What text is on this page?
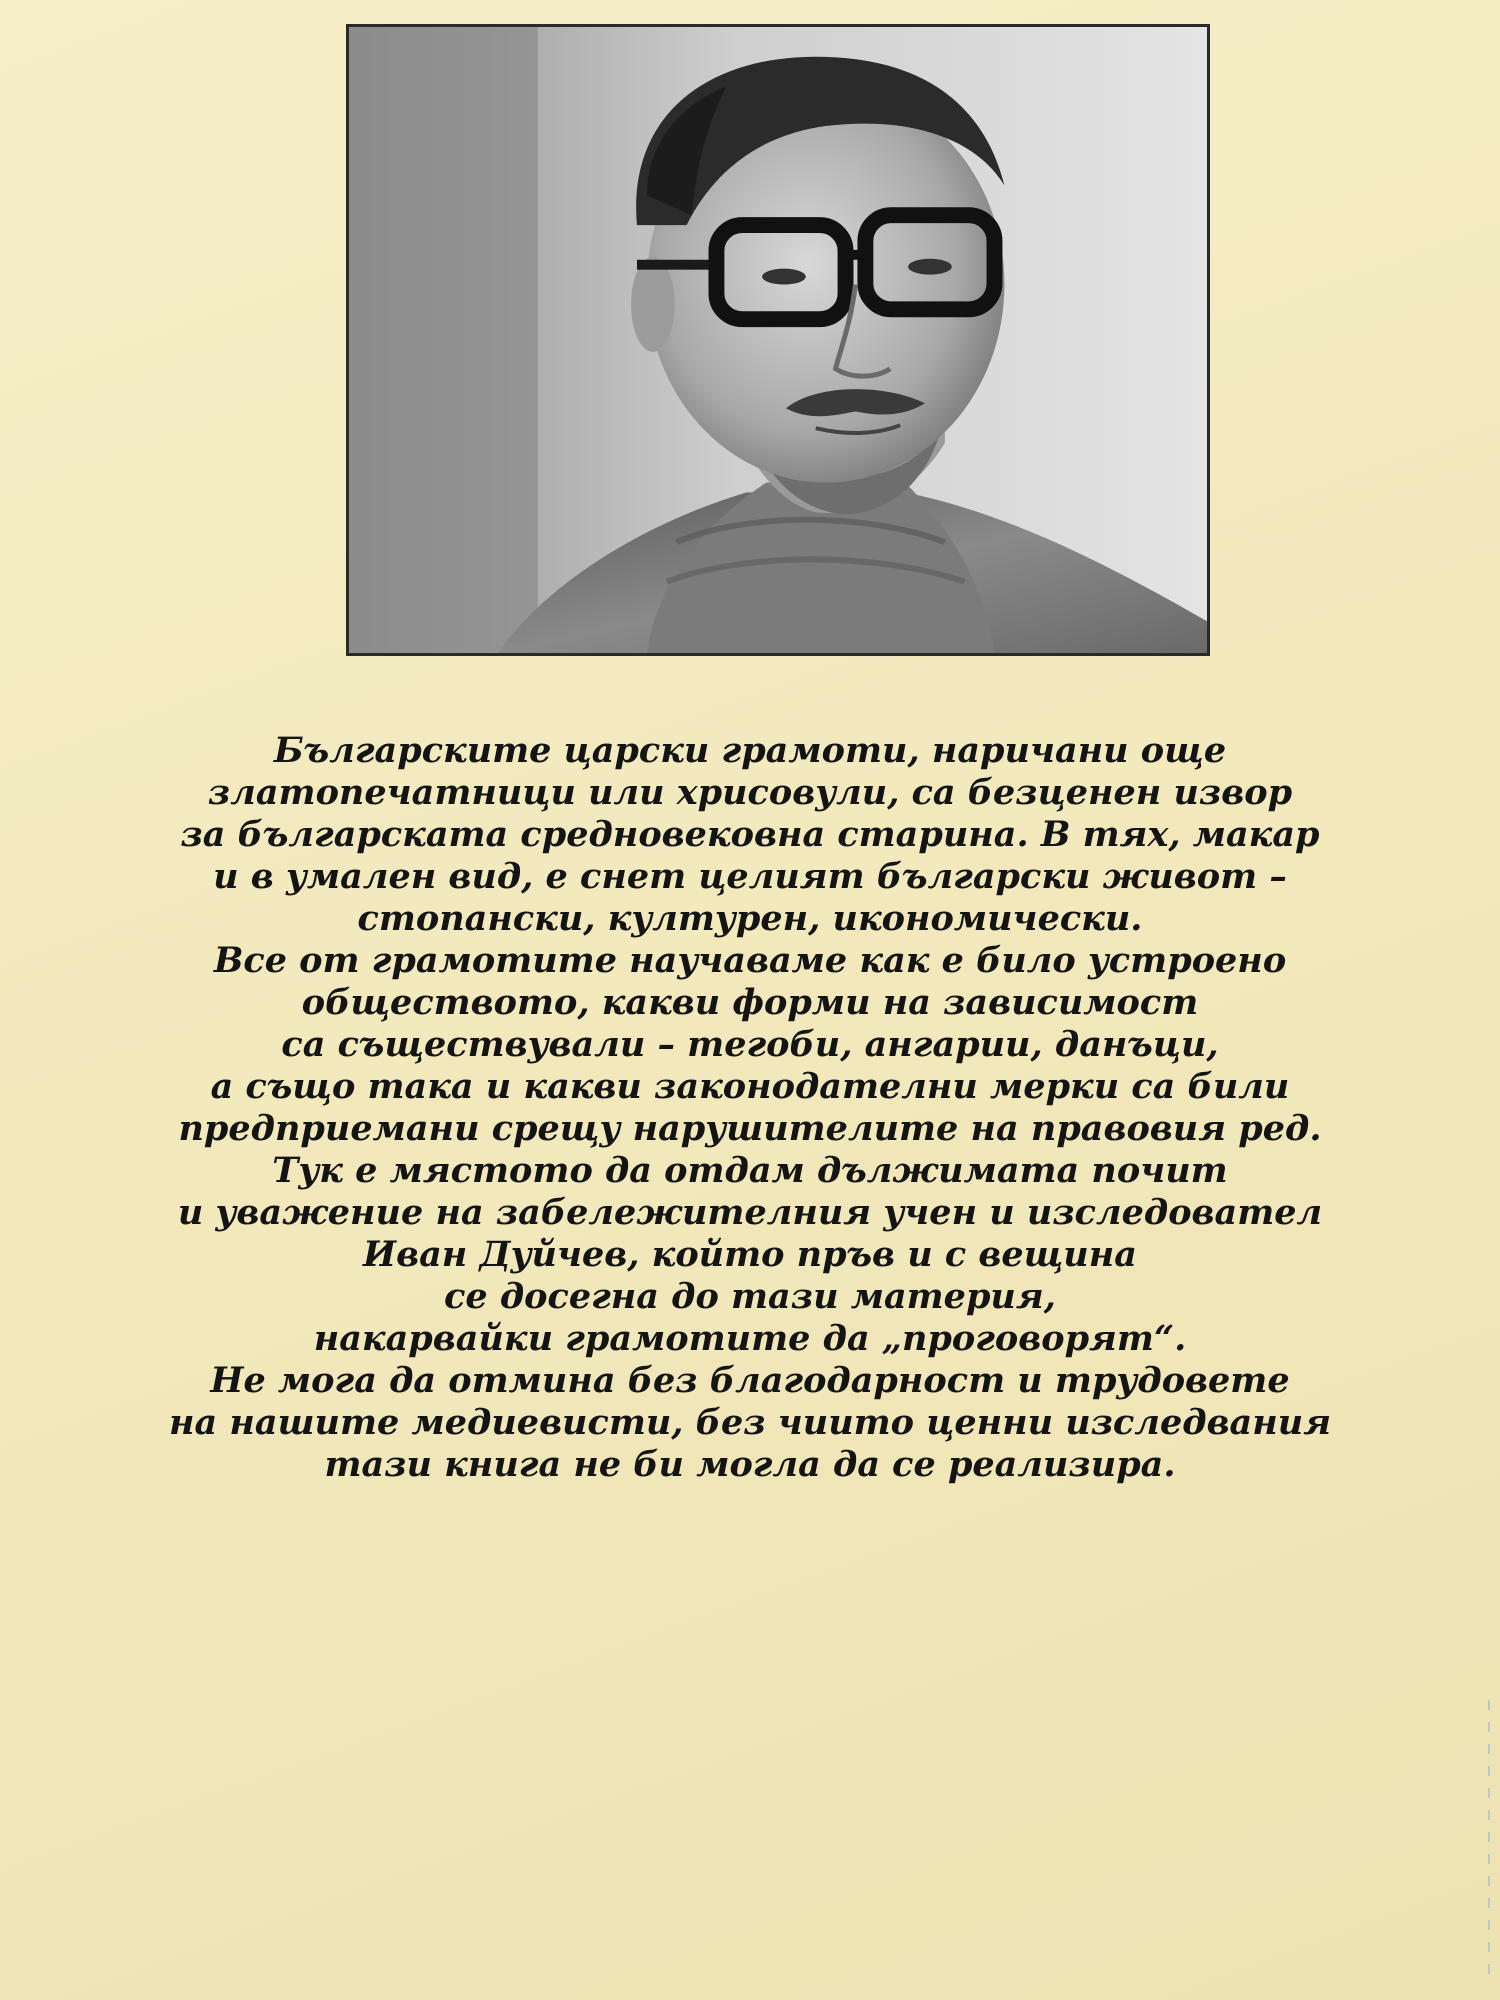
Българските царски грамоти, наричани още
златопечатници или хрисовули, са безценен извор
за българската средновековна старина. В тях, макар
и в умален вид, е снет целият български живот –
стопански, културен, икономически.
Все от грамотите научаваме как е било устроено
обществото, какви форми на зависимост
са съществували – тегоби, ангарии, данъци,
а също така и какви законодателни мерки са били
предприемани срещу нарушителите на правовия ред.
Тук е мястото да отдам дължимата почит
и уважение на забележителния учен и изследовател
Иван Дуйчев, който пръв и с вещина
се досегна до тази материя,
накарвайки грамотите да „проговорят“.
Не мога да отмина без благодарност и трудовете
на нашите медиевисти, без чиито ценни изследвания
тази книга не би могла да се реализира.
